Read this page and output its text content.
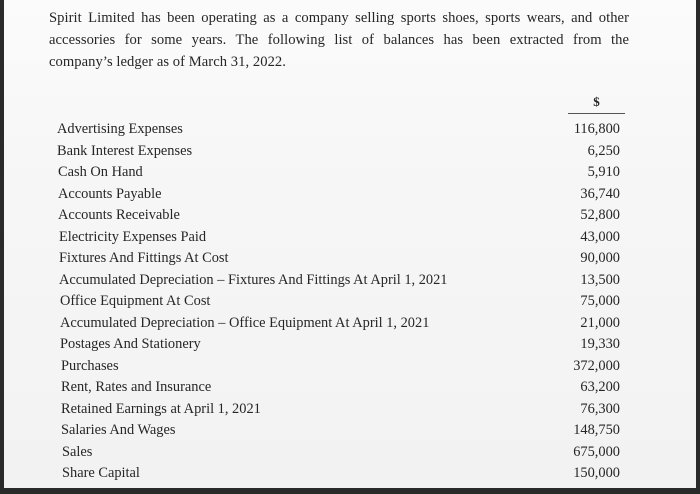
Spirit Limited has been operating as a company selling sports shoes, sports wears, and other
accessories for some years. The following list of balances has been extracted from the
company’s ledger as of March 31, 2022.
$
Advertising Expenses	116,800
Bank Interest Expenses	6,250
Cash On Hand	5,910
Accounts Payable	36,740
Accounts Receivable	52,800
Electricity Expenses Paid	43,000
Fixtures And Fittings At Cost	90,000
Accumulated Depreciation – Fixtures And Fittings At April 1, 2021	13,500
Office Equipment At Cost	75,000
Accumulated Depreciation – Office Equipment At April 1, 2021	21,000
Postages And Stationery	19,330
Purchases	372,000
Rent, Rates and Insurance	63,200
Retained Earnings at April 1, 2021	76,300
Salaries And Wages	148,750
Sales	675,000
Share Capital	150,000
